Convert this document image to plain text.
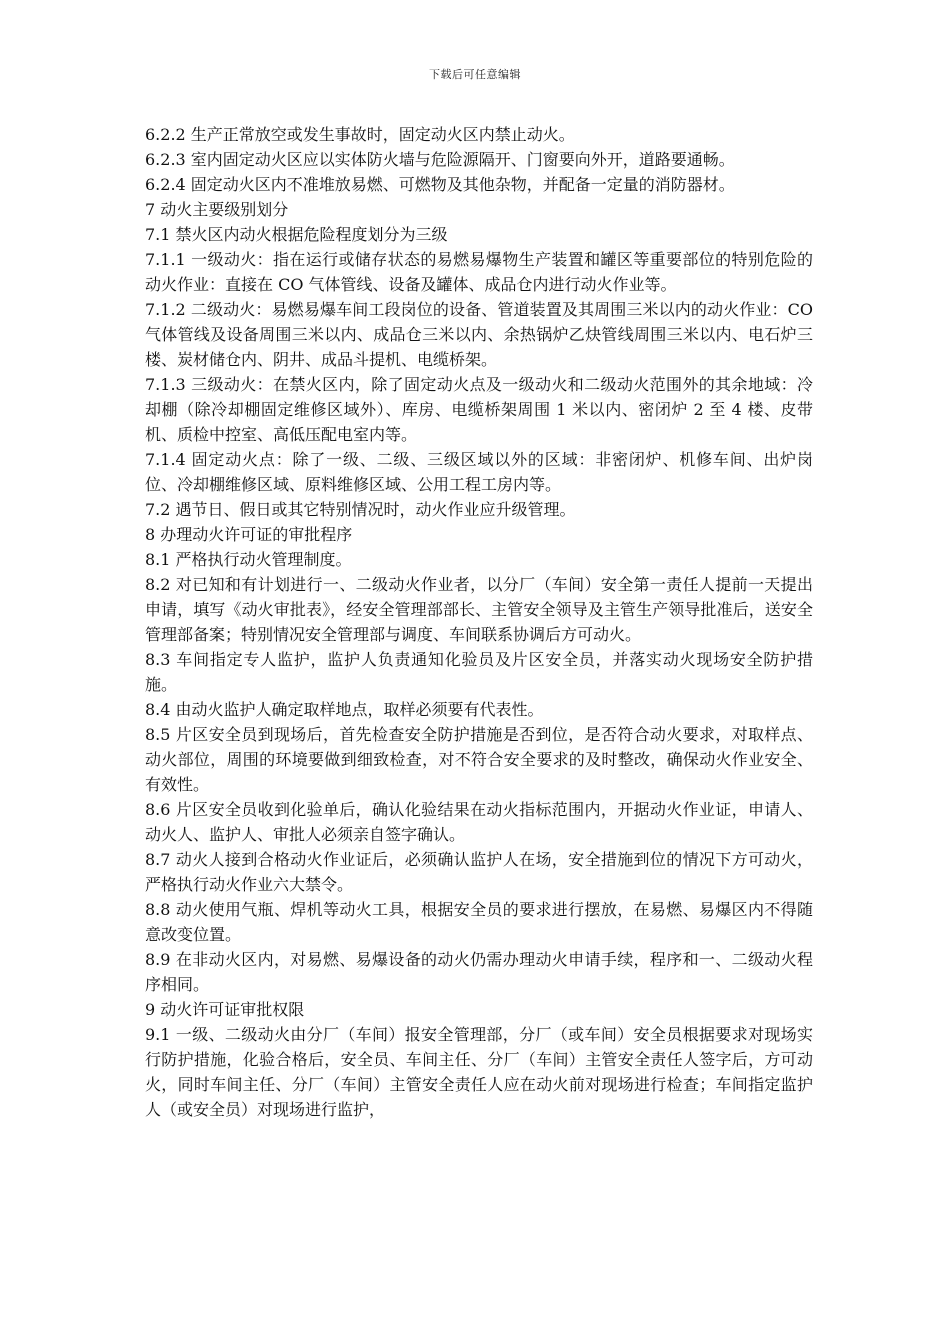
下载后可任意编辑

6.2.2 生产正常放空或发生事故时，固定动火区内禁止动火。

6.2.3 室内固定动火区应以实体防火墙与危险源隔开、门窗要向外开，道路要通畅。

6.2.4 固定动火区内不准堆放易燃、可燃物及其他杂物，并配备一定量的消防器材。

7 动火主要级别划分

7.1 禁火区内动火根据危险程度划分为三级

7.1.1 一级动火：指在运行或储存状态的易燃易爆物生产装置和罐区等重要部位的特别危险的动火作业：直接在 CO 气体管线、设备及罐体、成品仓内进行动火作业等。

7.1.2 二级动火：易燃易爆车间工段岗位的设备、管道装置及其周围三米以内的动火作业：CO 气体管线及设备周围三米以内、成品仓三米以内、余热锅炉乙炔管线周围三米以内、电石炉三楼、炭材储仓内、阴井、成品斗提机、电缆桥架。

7.1.3 三级动火：在禁火区内，除了固定动火点及一级动火和二级动火范围外的其余地域：冷却棚（除冷却棚固定维修区域外）、库房、电缆桥架周围 1 米以内、密闭炉 2 至 4 楼、皮带机、质检中控室、高低压配电室内等。

7.1.4 固定动火点：除了一级、二级、三级区域以外的区域：非密闭炉、机修车间、出炉岗位、冷却棚维修区域、原料维修区域、公用工程工房内等。

7.2 遇节日、假日或其它特别情况时，动火作业应升级管理。

8 办理动火许可证的审批程序

8.1 严格执行动火管理制度。

8.2 对已知和有计划进行一、二级动火作业者，以分厂（车间）安全第一责任人提前一天提出申请，填写《动火审批表》，经安全管理部部长、主管安全领导及主管生产领导批准后，送安全管理部备案；特别情况安全管理部与调度、车间联系协调后方可动火。

8.3 车间指定专人监护，监护人负责通知化验员及片区安全员，并落实动火现场安全防护措施。

8.4 由动火监护人确定取样地点，取样必须要有代表性。

8.5 片区安全员到现场后，首先检查安全防护措施是否到位，是否符合动火要求，对取样点、动火部位，周围的环境要做到细致检查，对不符合安全要求的及时整改，确保动火作业安全、有效性。

8.6 片区安全员收到化验单后，确认化验结果在动火指标范围内，开据动火作业证，申请人、动火人、监护人、审批人必须亲自签字确认。

8.7 动火人接到合格动火作业证后，必须确认监护人在场，安全措施到位的情况下方可动火，严格执行动火作业六大禁令。

8.8 动火使用气瓶、焊机等动火工具，根据安全员的要求进行摆放，在易燃、易爆区内不得随意改变位置。

8.9 在非动火区内，对易燃、易爆设备的动火仍需办理动火申请手续，程序和一、二级动火程序相同。

9 动火许可证审批权限

9.1 一级、二级动火由分厂（车间）报安全管理部，分厂（或车间）安全员根据要求对现场实行防护措施，化验合格后，安全员、车间主任、分厂（车间）主管安全责任人签字后，方可动火，同时车间主任、分厂（车间）主管安全责任人应在动火前对现场进行检查；车间指定监护人（或安全员）对现场进行监护，
